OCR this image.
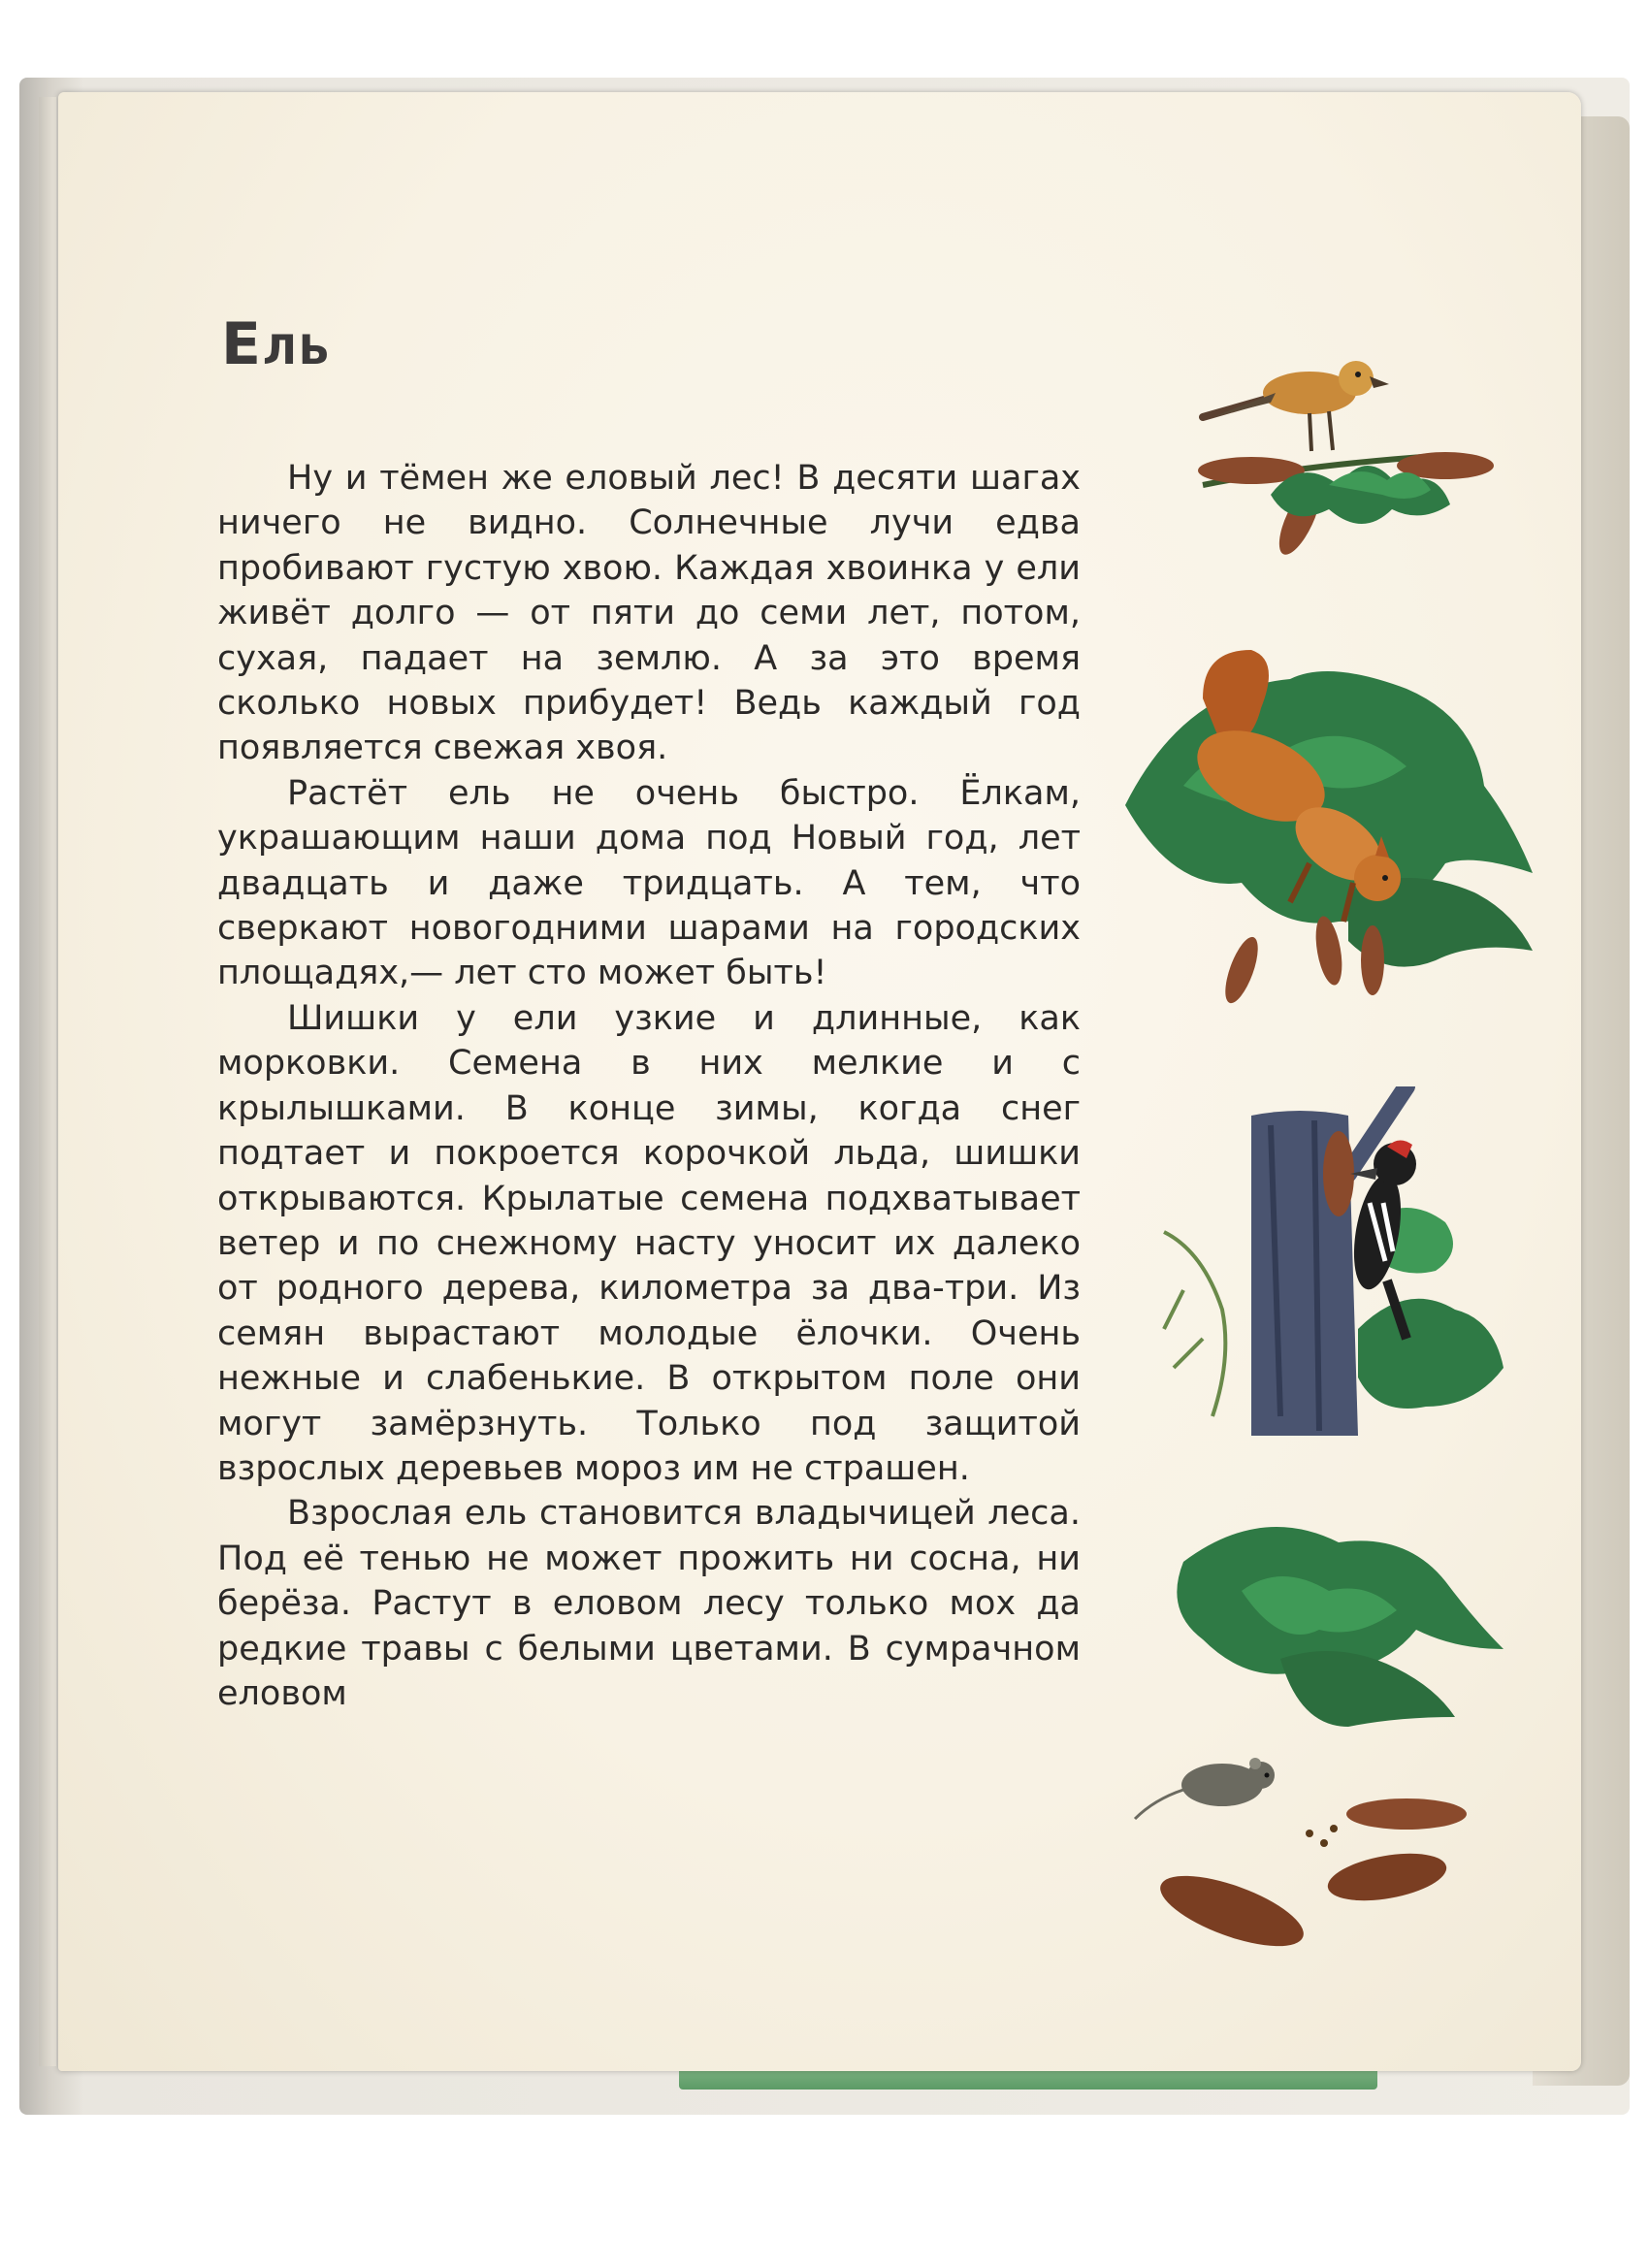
Ель

Ну и тёмен же еловый лес! В десяти шагах ничего не видно. Солнечные лучи едва пробивают густую хвою. Каждая хвоинка у ели живёт долго — от пяти до семи лет, потом, сухая, падает на землю. А за это время сколько новых прибудет! Ведь каждый год появляется свежая хвоя.

Растёт ель не очень быстро. Ёлкам, украшающим наши дома под Новый год, лет двадцать и даже тридцать. А тем, что сверкают новогодними шарами на городских площадях,— лет сто может быть!

Шишки у ели узкие и длинные, как морковки. Семена в них мелкие и с крылышками. В конце зимы, когда снег подтает и покроется корочкой льда, шишки открываются. Крылатые семена подхватывает ветер и по снежному насту уносит их далеко от родного дерева, километра за два-три. Из семян вырастают молодые ёлочки. Очень нежные и слабенькие. В открытом поле они могут замёрзнуть. Только под защитой взрослых деревьев мороз им не страшен.

Взрослая ель становится владычицей леса. Под её тенью не может прожить ни сосна, ни берёза. Растут в еловом лесу только мох да редкие травы с белыми цветами. В сумрачном еловом
